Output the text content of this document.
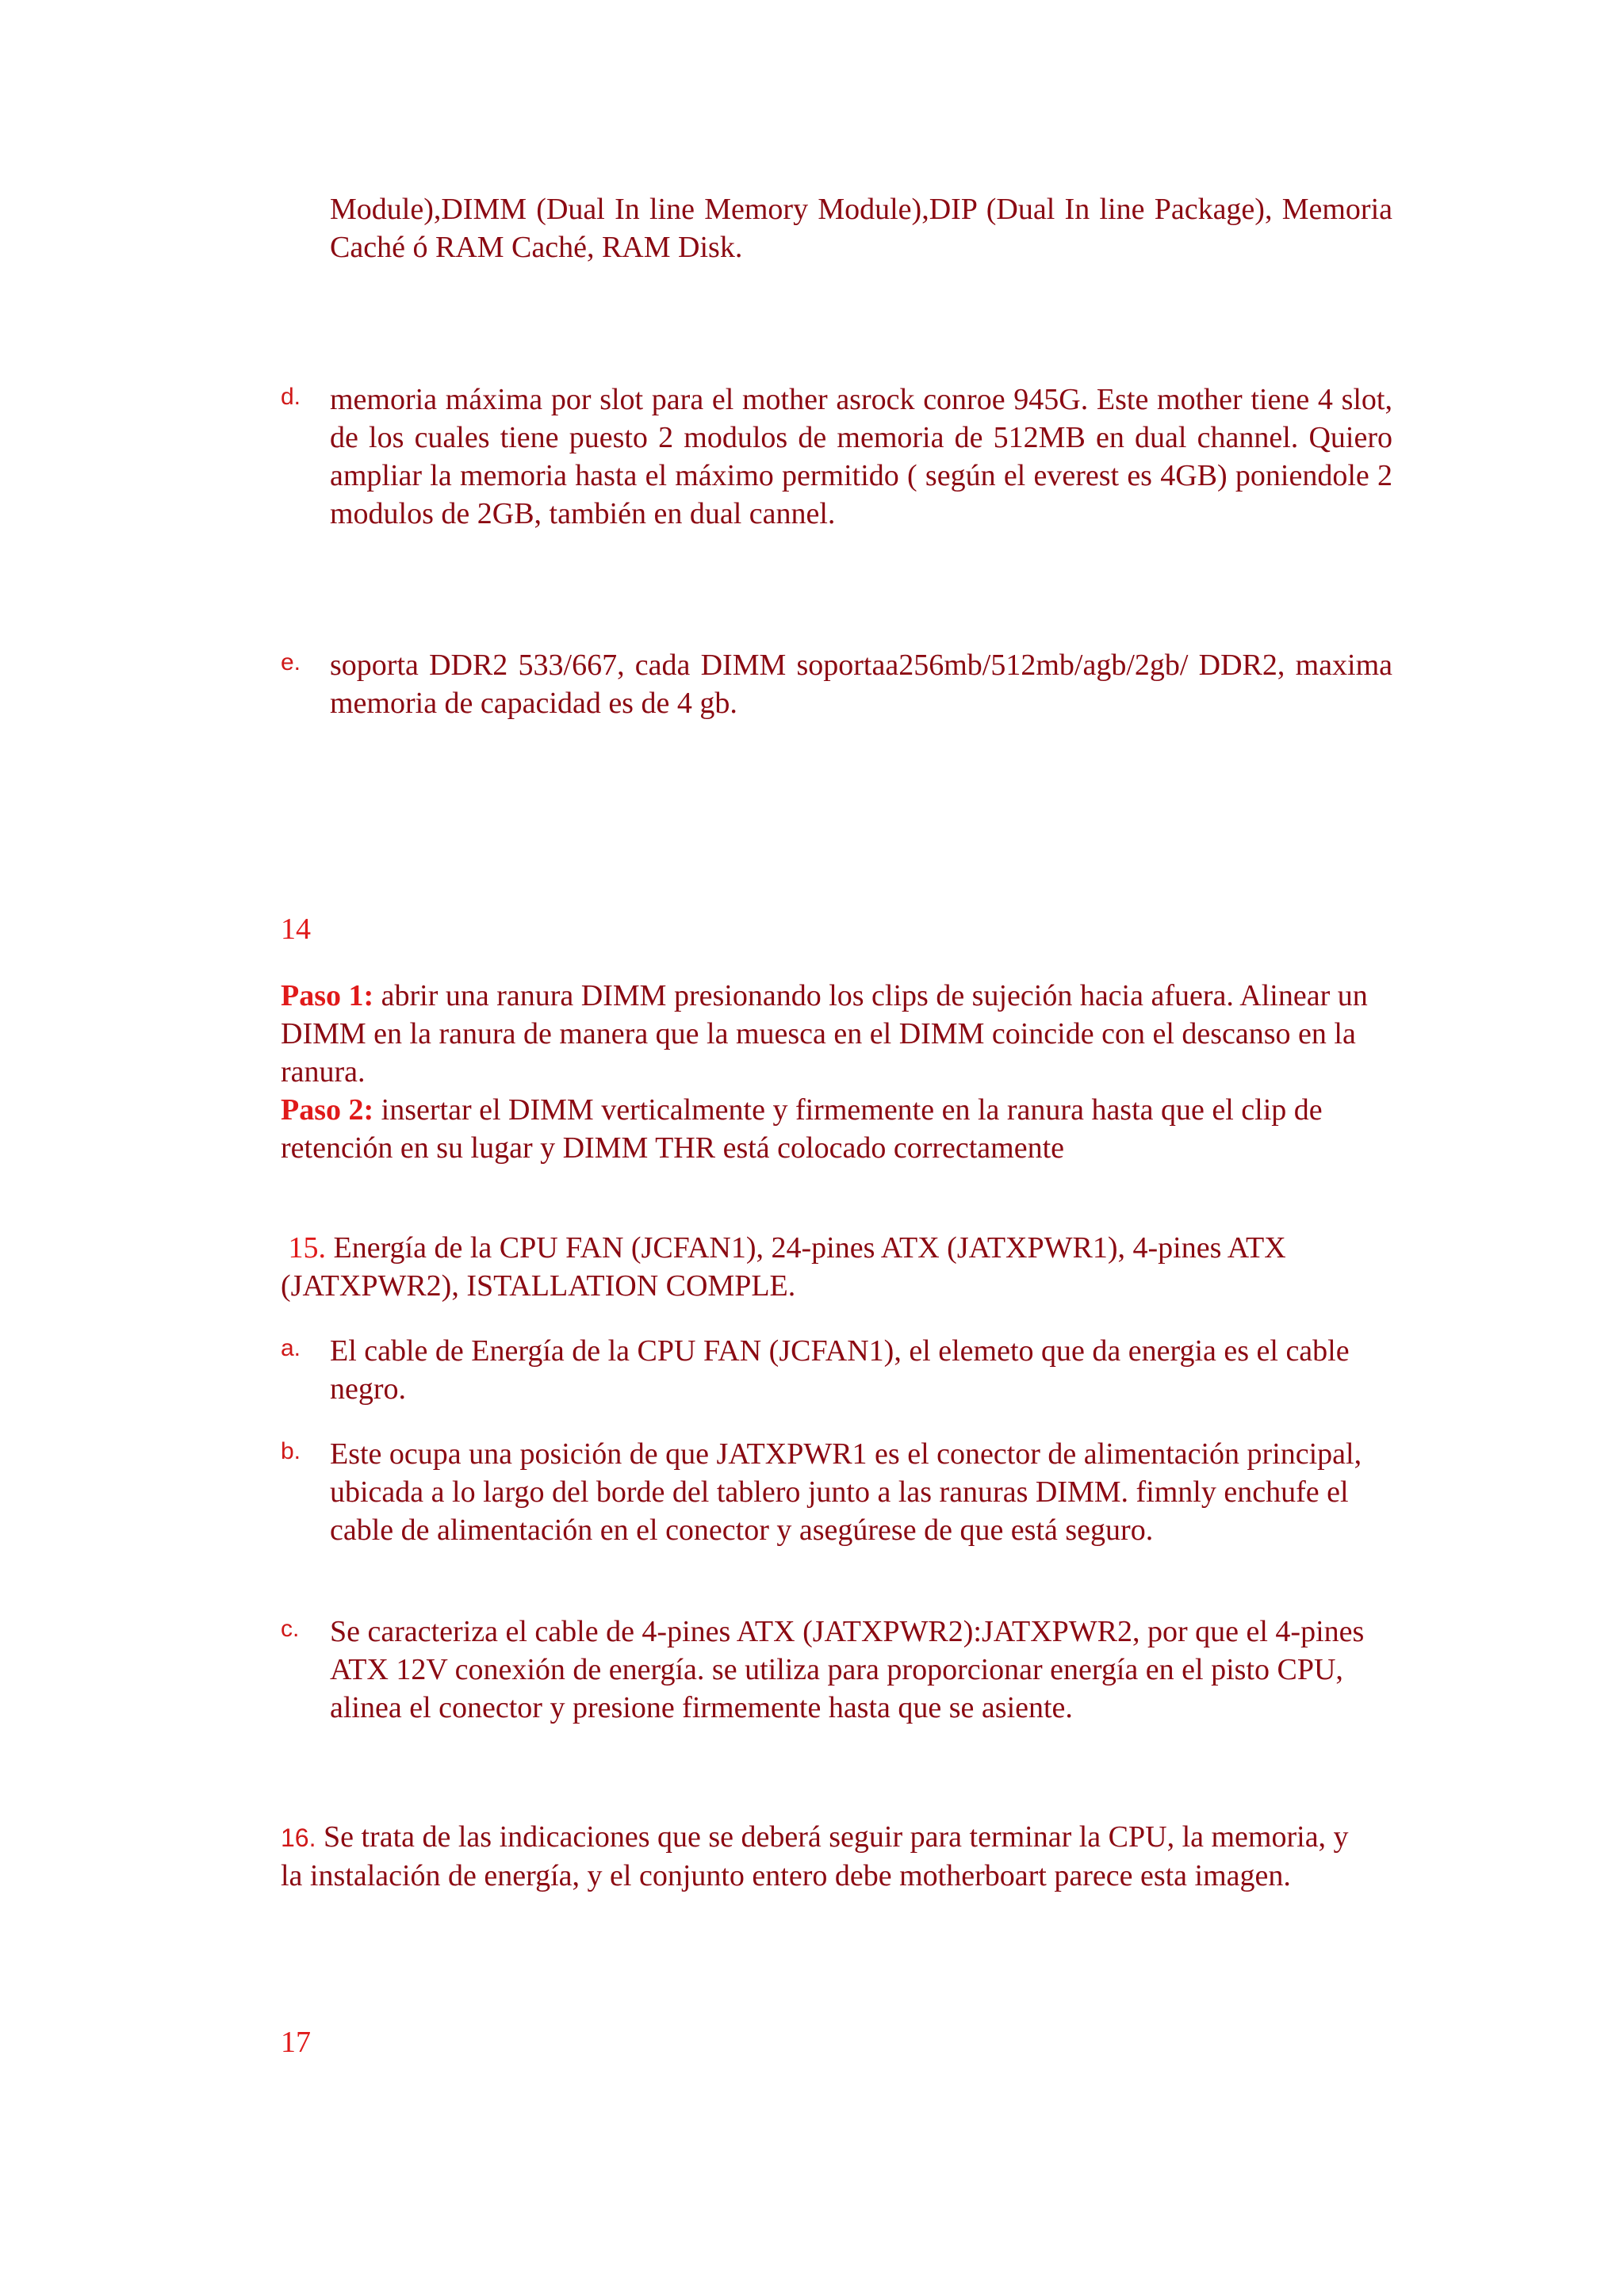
Module),DIMM (Dual In line Memory Module),DIP (Dual In line Package), Memoria Caché ó RAM Caché, RAM Disk.

d. memoria máxima por slot para el mother asrock conroe 945G. Este mother tiene 4 slot, de los cuales tiene puesto 2 modulos de memoria de 512MB en dual channel. Quiero ampliar la memoria hasta el máximo permitido ( según el everest es 4GB) poniendole 2 modulos de 2GB, también en dual cannel.

e. soporta DDR2 533/667, cada DIMM soportaa256mb/512mb/agb/2gb/ DDR2, maxima memoria de capacidad es de 4 gb.

14

Paso 1: abrir una ranura DIMM presionando los clips de sujeción hacia afuera. Alinear un DIMM en la ranura de manera que la muesca en el DIMM coincide con el descanso en la ranura.
Paso 2: insertar el DIMM verticalmente y firmemente en la ranura hasta que el clip de retención en su lugar y DIMM THR está colocado correctamente

15. Energía de la CPU FAN (JCFAN1), 24-pines ATX (JATXPWR1), 4-pines ATX (JATXPWR2), ISTALLATION COMPLE.

a. El cable de Energía de la CPU FAN (JCFAN1), el elemeto que da energia es el cable negro.

b. Este ocupa una posición de que JATXPWR1 es el conector de alimentación principal, ubicada a lo largo del borde del tablero junto a las ranuras DIMM. fimnly enchufe el cable de alimentación en el conector y asegúrese de que está seguro.

c. Se caracteriza el cable de 4-pines ATX (JATXPWR2):JATXPWR2, por que el 4-pines ATX 12V conexión de energía. se utiliza para proporcionar energía en el pisto CPU, alinea el conector y presione firmemente hasta que se asiente.

16. Se trata de las indicaciones que se deberá seguir para terminar la CPU, la memoria, y la instalación de energía, y el conjunto entero debe motherboart parece esta imagen.

17
